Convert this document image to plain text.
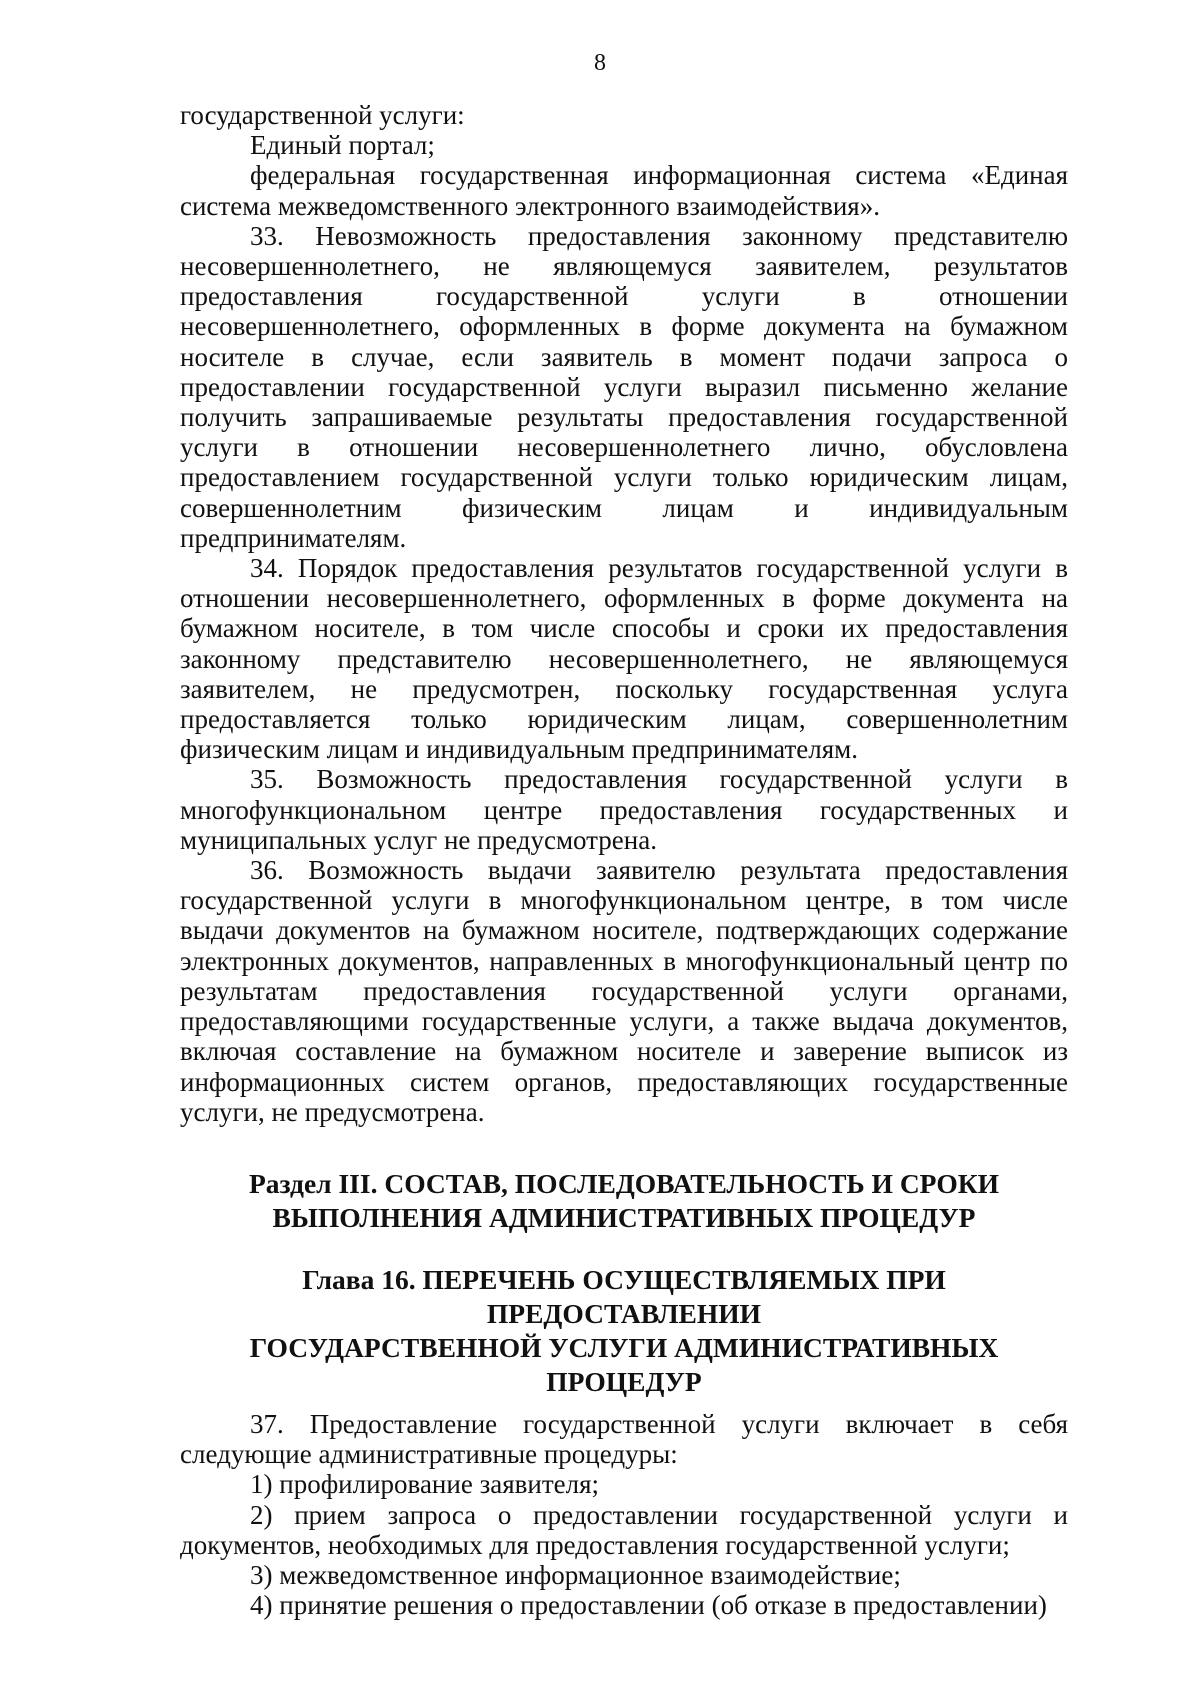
8

государственной услуги:

Единый портал;

федеральная государственная информационная система «Единая система межведомственного электронного взаимодействия».

33. Невозможность предоставления законному представителю несовершеннолетнего, не являющемуся заявителем, результатов предоставления государственной услуги в отношении несовершеннолетнего, оформленных в форме документа на бумажном носителе в случае, если заявитель в момент подачи запроса о предоставлении государственной услуги выразил письменно желание получить запрашиваемые результаты предоставления государственной услуги в отношении несовершеннолетнего лично, обусловлена предоставлением государственной услуги только юридическим лицам, совершеннолетним физическим лицам и индивидуальным предпринимателям.

34. Порядок предоставления результатов государственной услуги в отношении несовершеннолетнего, оформленных в форме документа на бумажном носителе, в том числе способы и сроки их предоставления законному представителю несовершеннолетнего, не являющемуся заявителем, не предусмотрен, поскольку государственная услуга предоставляется только юридическим лицам, совершеннолетним физическим лицам и индивидуальным предпринимателям.

35. Возможность предоставления государственной услуги в многофункциональном центре предоставления государственных и муниципальных услуг не предусмотрена.

36. Возможность выдачи заявителю результата предоставления государственной услуги в многофункциональном центре, в том числе выдачи документов на бумажном носителе, подтверждающих содержание электронных документов, направленных в многофункциональный центр по результатам предоставления государственной услуги органами, предоставляющими государственные услуги, а также выдача документов, включая составление на бумажном носителе и заверение выписок из информационных систем органов, предоставляющих государственные услуги, не предусмотрена.

Раздел III. СОСТАВ, ПОСЛЕДОВАТЕЛЬНОСТЬ И СРОКИ
ВЫПОЛНЕНИЯ АДМИНИСТРАТИВНЫХ ПРОЦЕДУР
Глава 16. ПЕРЕЧЕНЬ ОСУЩЕСТВЛЯЕМЫХ ПРИ ПРЕДОСТАВЛЕНИИ
ГОСУДАРСТВЕННОЙ УСЛУГИ АДМИНИСТРАТИВНЫХ ПРОЦЕДУР

37. Предоставление государственной услуги включает в себя следующие административные процедуры:

1) профилирование заявителя;

2) прием запроса о предоставлении государственной услуги и документов, необходимых для предоставления государственной услуги;

3) межведомственное информационное взаимодействие;

4) принятие решения о предоставлении (об отказе в предоставлении)
